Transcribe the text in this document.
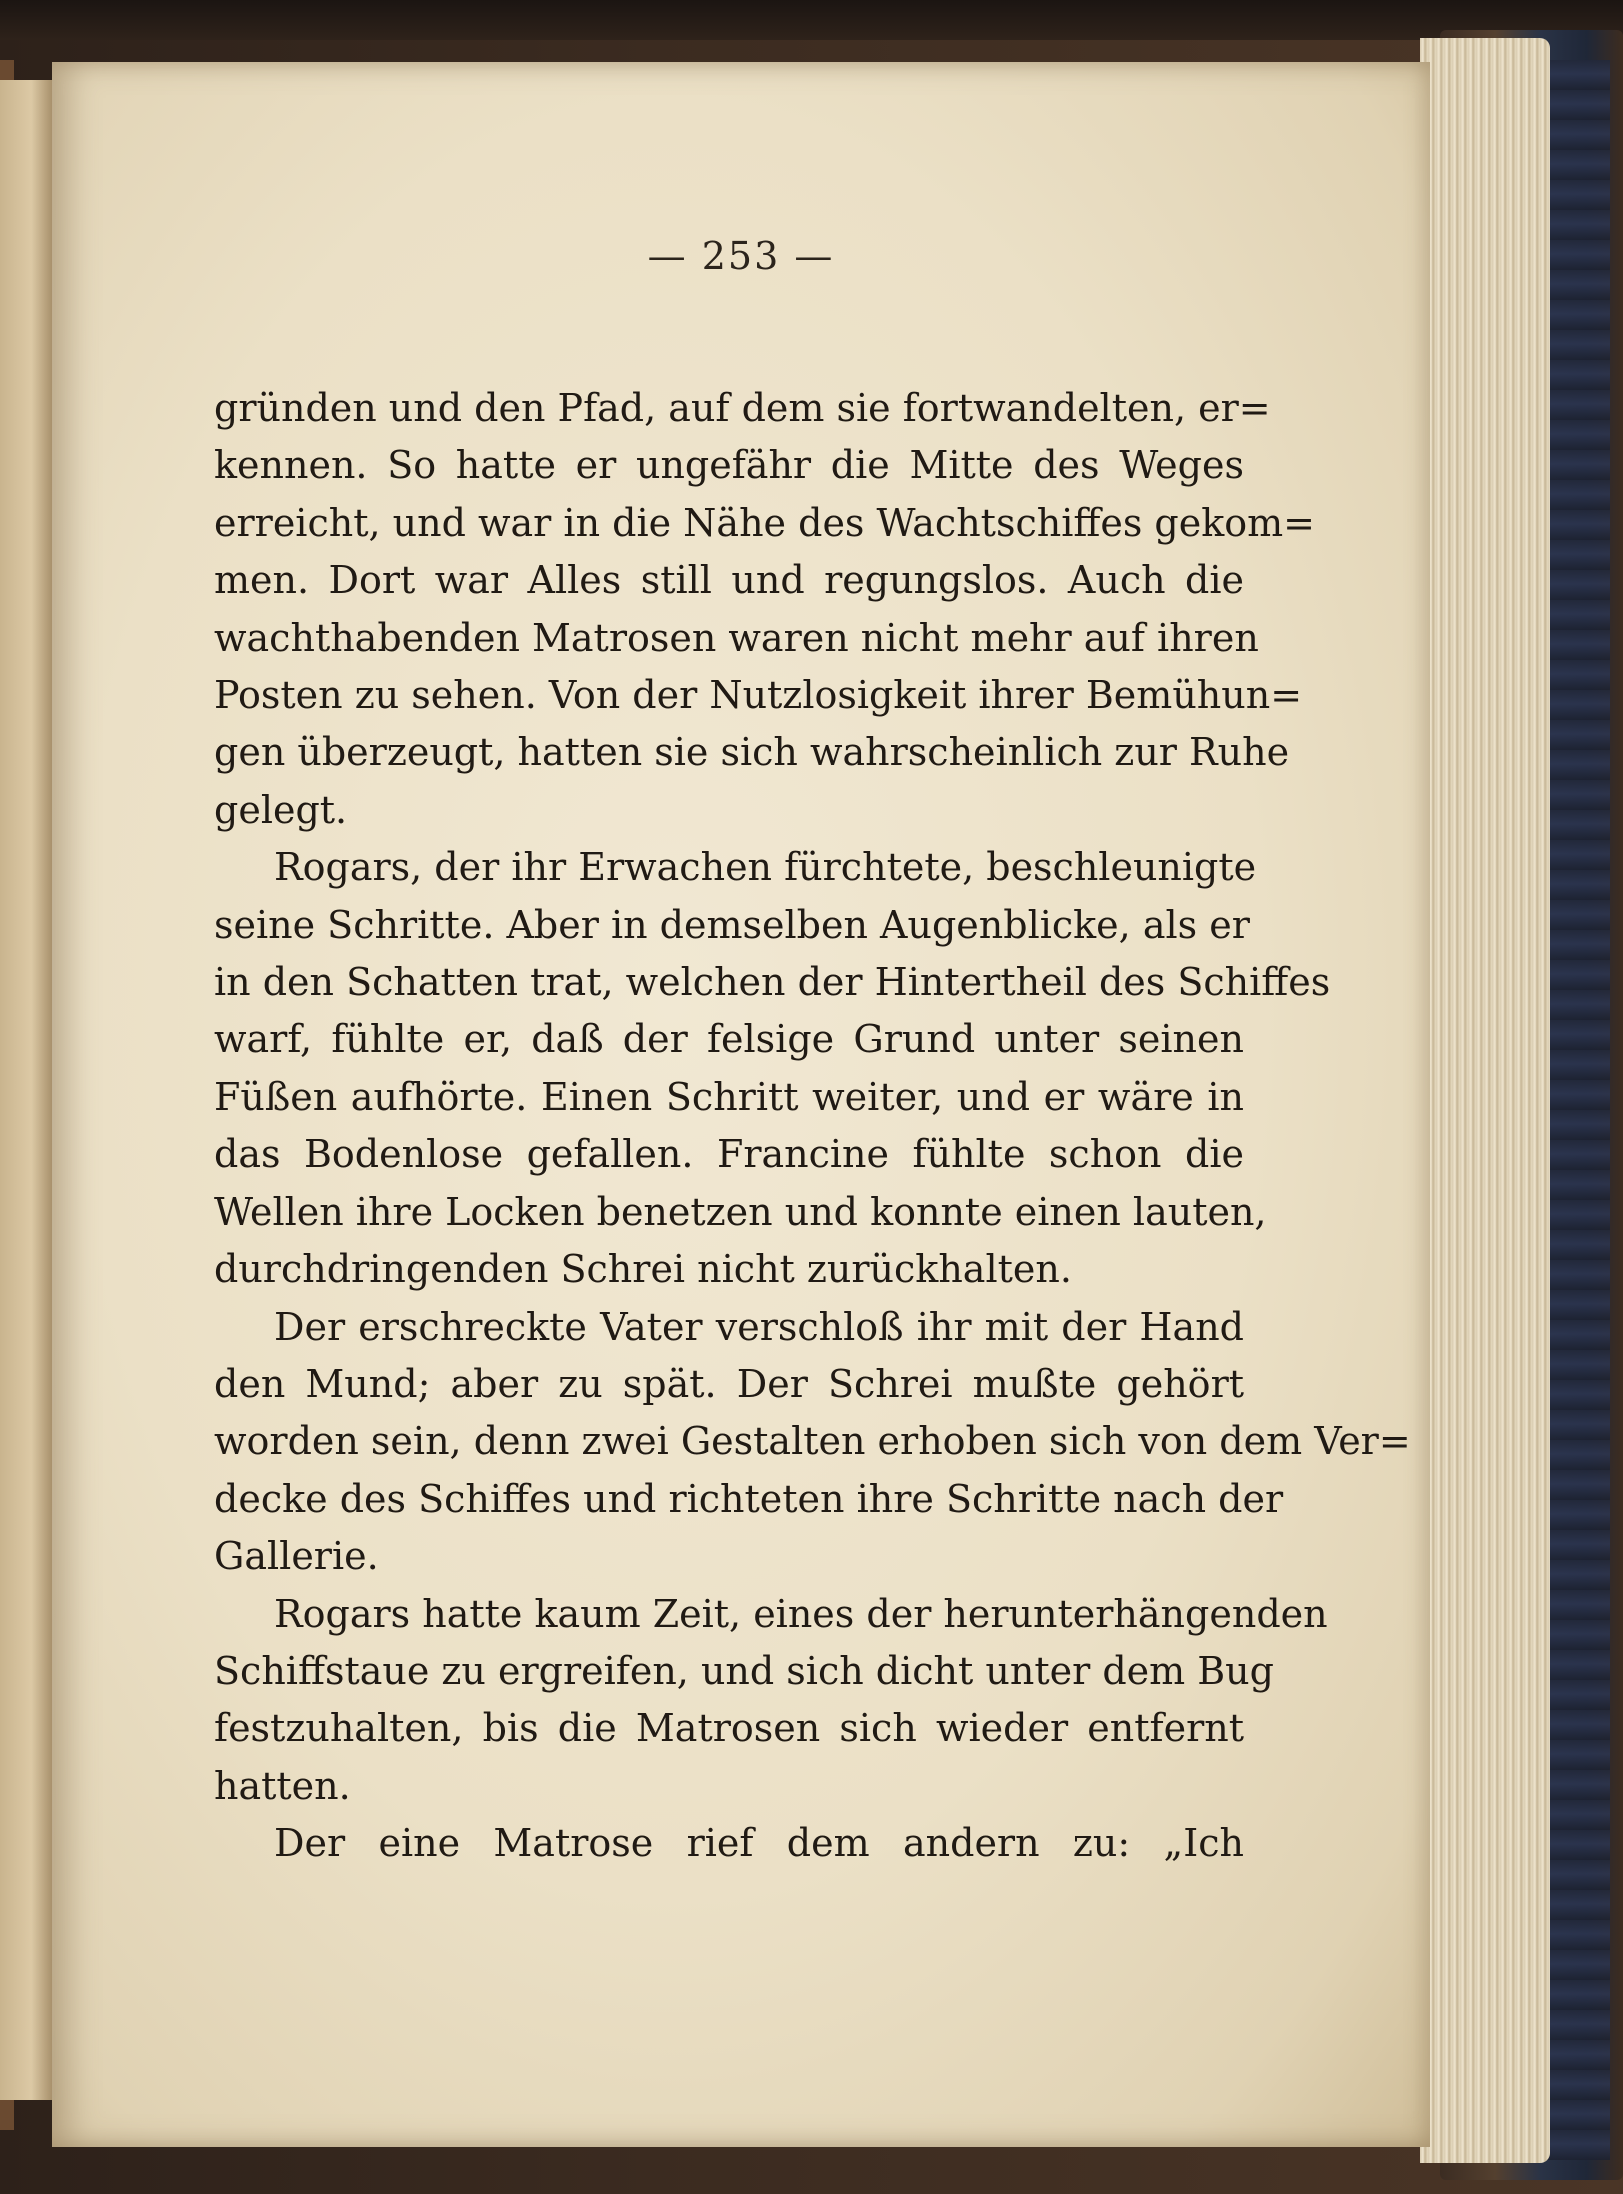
— 253 —

gründen und den Pfad, auf dem sie fortwandelten, er=
kennen. So hatte er ungefähr die Mitte des Weges
erreicht, und war in die Nähe des Wachtschiffes gekom=
men. Dort war Alles still und regungslos. Auch die
wachthabenden Matrosen waren nicht mehr auf ihren
Posten zu sehen. Von der Nutzlosigkeit ihrer Bemühun=
gen überzeugt, hatten sie sich wahrscheinlich zur Ruhe
gelegt.

Rogars, der ihr Erwachen fürchtete, beschleunigte
seine Schritte. Aber in demselben Augenblicke, als er
in den Schatten trat, welchen der Hintertheil des Schiffes
warf, fühlte er, daß der felsige Grund unter seinen
Füßen aufhörte. Einen Schritt weiter, und er wäre in
das Bodenlose gefallen. Francine fühlte schon die
Wellen ihre Locken benetzen und konnte einen lauten,
durchdringenden Schrei nicht zurückhalten.

Der erschreckte Vater verschloß ihr mit der Hand
den Mund; aber zu spät. Der Schrei mußte gehört
worden sein, denn zwei Gestalten erhoben sich von dem Ver=
decke des Schiffes und richteten ihre Schritte nach der
Gallerie.

Rogars hatte kaum Zeit, eines der herunterhängenden
Schiffstaue zu ergreifen, und sich dicht unter dem Bug
festzuhalten, bis die Matrosen sich wieder entfernt
hatten.

Der eine Matrose rief dem andern zu: „Ich
